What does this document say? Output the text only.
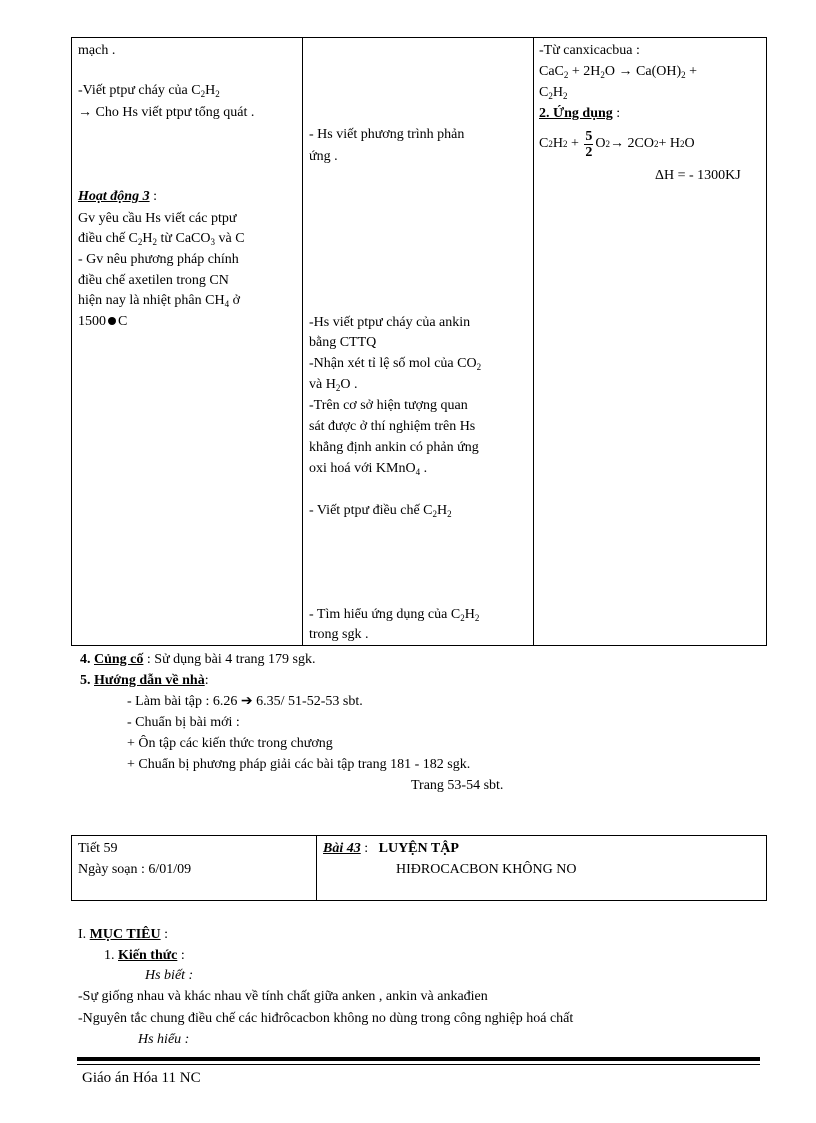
mạch .
-Viết ptpư cháy của $C_2H_2$
→ Cho Hs viết ptpư tổng quát .
Hoạt động 3 :
Gv yêu cầu Hs viết các ptpư
điều chế $C_2H_2$ từ CaCO$_3$ và C
- Gv nêu phương pháp chính
điều chế axetilen trong CN
hiện nay là nhiệt phân $CH_4$ ở
1500 C
- Hs viết phương trình phản
ứng .
-Hs viết ptpư cháy của ankin
bằng CTTQ
-Nhận xét tỉ lệ số mol của $CO_2$
và $H_2O$ .
-Trên cơ sở hiện tượng quan
sát được ở thí nghiệm trên Hs
khẳng định ankin có phản ứng
oxi hoá với KMnO$_4$ .
- Viết ptpư điều chế $C_2H_2$
- Tìm hiểu ứng dụng của $C_2H_2$
trong sgk .
-Từ canxicacbua :
$CaC_2 + 2H_2O \to Ca(OH)_2$ +
$C_2H_2$
2. Ứng dụng :
C 2 H $2 + \frac{5}{2}$ O 2 → 2CO 2 + H 2 O
ΔH = - 1300KJ
4. Củng cố : Sử dụng bài 4 trang 179 sgk.
5. Hướng dẫn về nhà:
- Làm bài tập : 6.26 ➔ 6.35/ 51-52-53 sbt.
- Chuẩn bị bài mới :
+ Ôn tập các kiến thức trong chương
+ Chuẩn bị phương pháp giải các bài tập trang 181 - 182 sgk.
Trang 53-54 sbt.
Tiết 59
Ngày soạn : 6/01/09
Bài 43 : LUYỆN TẬP
HIĐROCACBON KHÔNG NO
I. MỤC TIÊU :
1. Kiến thức :
Hs biết :
-Sự giống nhau và khác nhau về tính chất giữa anken , ankin và ankađien
-Nguyên tắc chung điều chế các hiđrôcacbon không no dùng trong công nghiệp hoá chất
Hs hiểu :
Giáo án Hóa 11 NC
